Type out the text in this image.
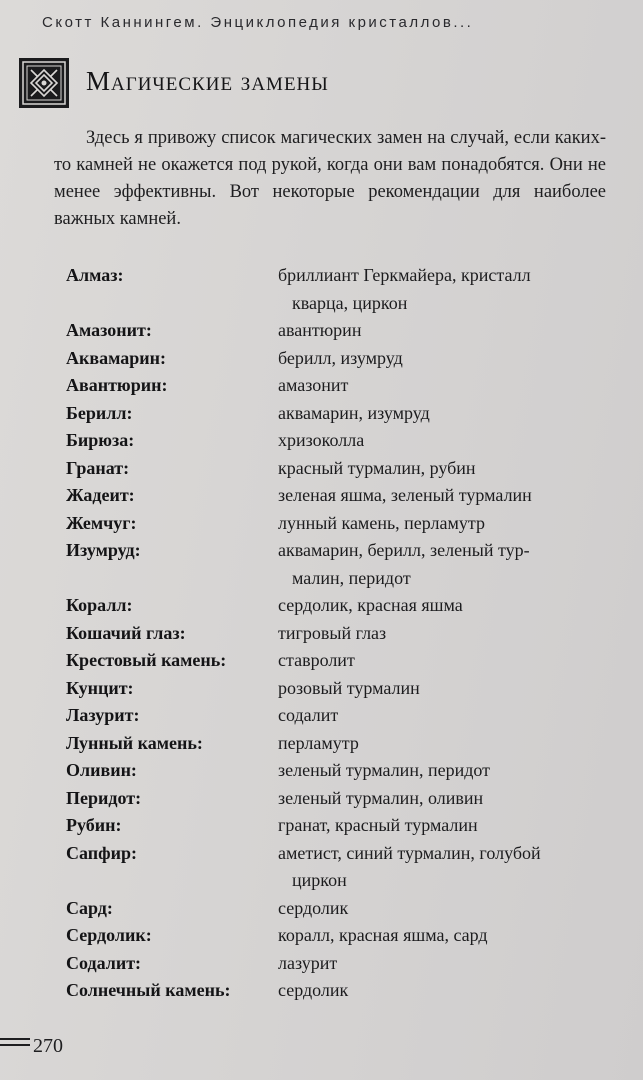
Скотт Каннингем. Энциклопедия кристаллов...
Магические замены

Здесь я привожу список магических замен на случай, если каких-то камней не окажется под рукой, когда они вам понадобятся. Они не менее эффективны. Вот некоторые рекомендации для наиболее важных камней.

Алмаз:	бриллиант Геркмайера, кристалл
кварца, циркон
Амазонит:	авантюрин
Аквамарин:	берилл, изумруд
Авантюрин:	амазонит
Берилл:	аквамарин, изумруд
Бирюза:	хризоколла
Гранат:	красный турмалин, рубин
Жадеит:	зеленая яшма, зеленый турмалин
Жемчуг:	лунный камень, перламутр
Изумруд:	аквамарин, берилл, зеленый тур-
малин, перидот
Коралл:	сердолик, красная яшма
Кошачий глаз:	тигровый глаз
Крестовый камень:	ставролит
Кунцит:	розовый турмалин
Лазурит:	содалит
Лунный камень:	перламутр
Оливин:	зеленый турмалин, перидот
Перидот:	зеленый турмалин, оливин
Рубин:	гранат, красный турмалин
Сапфир:	аметист, синий турмалин, голубой
циркон
Сард:	сердолик
Сердолик:	коралл, красная яшма, сард
Содалит:	лазурит
Солнечный камень:	сердолик
270
